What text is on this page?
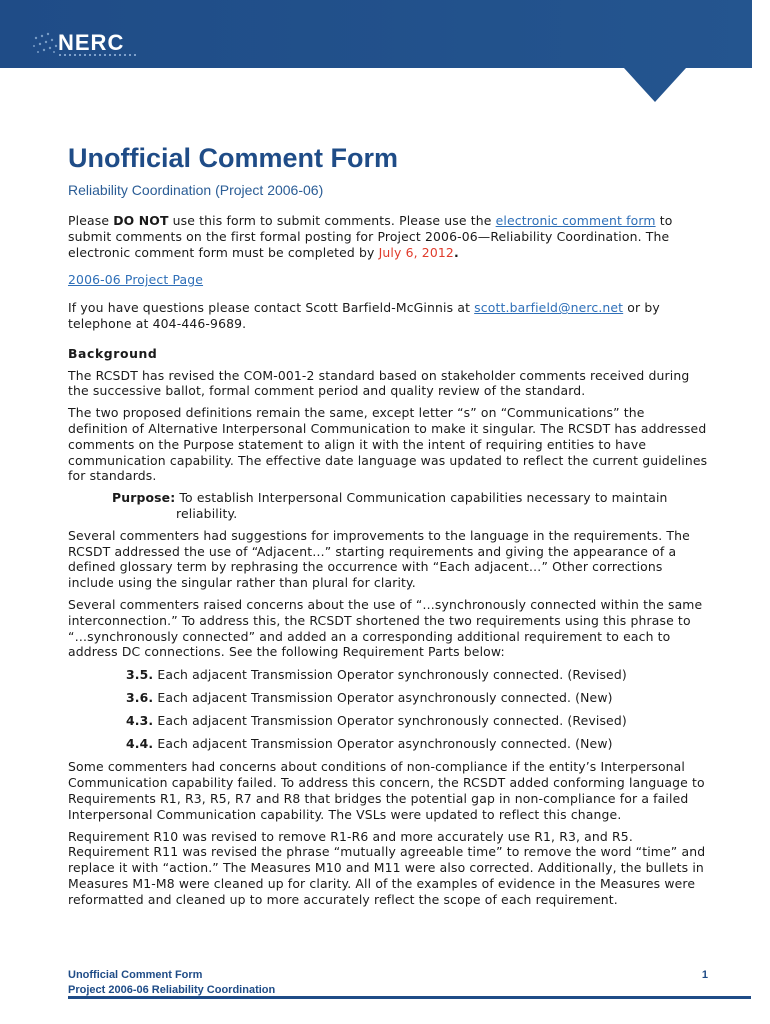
NERC
Unofficial Comment Form
Reliability Coordination (Project 2006-06)

Please DO NOT use this form to submit comments. Please use the electronic comment form to submit comments on the first formal posting for Project 2006-06—Reliability Coordination. The electronic comment form must be completed by July 6, 2012.

2006-06 Project Page

If you have questions please contact Scott Barfield-McGinnis at scott.barfield@nerc.net or by telephone at 404-446-9689.

Background

The RCSDT has revised the COM-001-2 standard based on stakeholder comments received during the successive ballot, formal comment period and quality review of the standard.

The two proposed definitions remain the same, except letter “s” on “Communications” the definition of Alternative Interpersonal Communication to make it singular. The RCSDT has addressed comments on the Purpose statement to align it with the intent of requiring entities to have communication capability. The effective date language was updated to reflect the current guidelines for standards.

Purpose: To establish Interpersonal Communication capabilities necessary to maintain
reliability.

Several commenters had suggestions for improvements to the language in the requirements. The RCSDT addressed the use of “Adjacent…” starting requirements and giving the appearance of a defined glossary term by rephrasing the occurrence with “Each adjacent…” Other corrections include using the singular rather than plural for clarity.

Several commenters raised concerns about the use of “…synchronously connected within the same interconnection.” To address this, the RCSDT shortened the two requirements using this phrase to “…synchronously connected” and added an a corresponding additional requirement to each to address DC connections. See the following Requirement Parts below:

3.5. Each adjacent Transmission Operator synchronously connected. (Revised)

3.6. Each adjacent Transmission Operator asynchronously connected. (New)

4.3. Each adjacent Transmission Operator synchronously connected. (Revised)

4.4. Each adjacent Transmission Operator asynchronously connected. (New)

Some commenters had concerns about conditions of non-compliance if the entity’s Interpersonal Communication capability failed. To address this concern, the RCSDT added conforming language to Requirements R1, R3, R5, R7 and R8 that bridges the potential gap in non-compliance for a failed Interpersonal Communication capability. The VSLs were updated to reflect this change.

Requirement R10 was revised to remove R1-R6 and more accurately use R1, R3, and R5. Requirement R11 was revised the phrase “mutually agreeable time” to remove the word “time” and replace it with “action.” The Measures M10 and M11 were also corrected. Additionally, the bullets in Measures M1-M8 were cleaned up for clarity. All of the examples of evidence in the Measures were reformatted and cleaned up to more accurately reflect the scope of each requirement.

Unofficial Comment Form
Project 2006-06 Reliability Coordination
1
